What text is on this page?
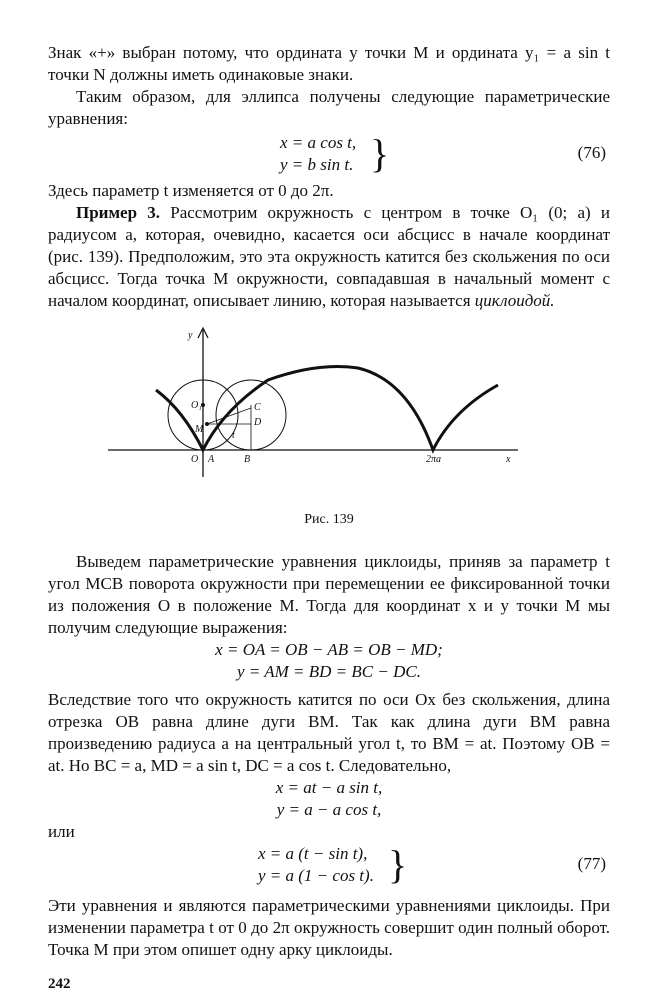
Знак «+» выбран потому, что ордината y точки M и ордината y₁ = a sin t точки N должны иметь одинаковые знаки.

Таким образом, для эллипса получены следующие параметрические уравнения:

x = a cos t,
y = b sin t. }	(76)

Здесь параметр t изменяется от 0 до 2π.

Пример 3. Рассмотрим окружность с центром в точке O₁ (0; a) и радиусом a, которая, очевидно, касается оси абсцисс в начале координат (рис. 139). Предположим, это эта окружность катится без скольжения по оси абсцисс. Тогда точка M окружности, совпадавшая в начальный момент с началом координат, описывает линию, которая называется циклоидой.

O₁
M
C
D
t
O A	B	2πa	x
y
Рис. 139

Выведем параметрические уравнения циклоиды, приняв за параметр t угол MCB поворота окружности при перемещении ее фиксированной точки из положения O в положение M. Тогда для координат x и y точки M мы получим следующие выражения:

x = OA = OB − AB = OB − MD;
y = AM = BD = BC − DC.

Вследствие того что окружность катится по оси Ox без скольжения, длина отрезка OB равна длине дуги BM. Так как длина дуги BM равна произведению радиуса a на центральный угол t, то BM = at. Поэтому OB = at. Но BC = a, MD = a sin t, DC = a cos t. Следовательно,

x = at − a sin t,
y = a − a cos t,

или

x = a (t − sin t),
y = a (1 − cos t). }	(77)

Эти уравнения и являются параметрическими уравнениями циклоиды. При изменении параметра t от 0 до 2π окружность совершит один полный оборот. Точка M при этом опишет одну арку циклоиды.

242
